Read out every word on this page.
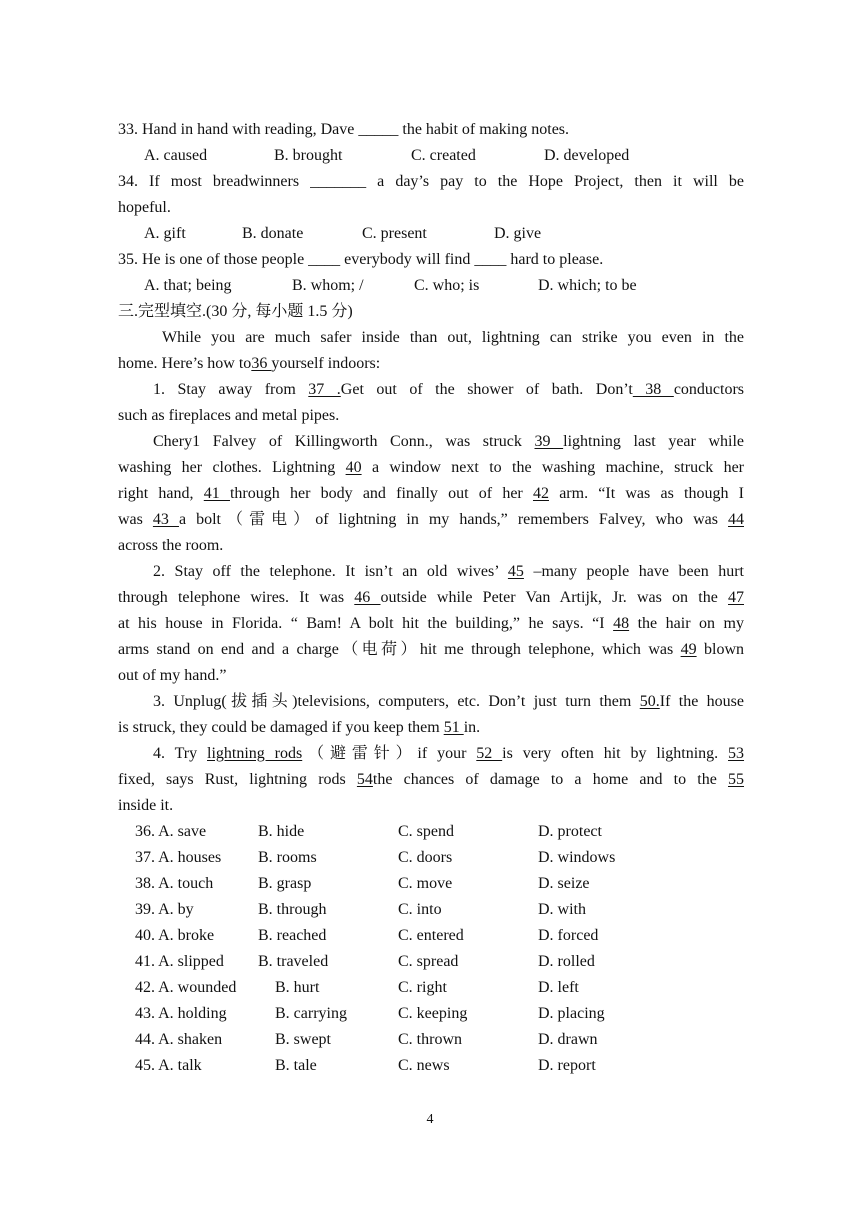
33. Hand in hand with reading, Dave _____ the habit of making notes.
A. caused	B. brought	C. created	D. developed
34. If most breadwinners _______ a day’s pay to the Hope Project, then it will be
hopeful.
A. gift	B. donate	C. present	D. give
35. He is one of those people ____ everybody will find ____ hard to please.
A. that; being	B. whom; /	C. who; is	D. which; to be
三.完型填空.(30 分, 每小题 1.5 分)
While you are much safer inside than out, lightning can strike you even in the
home. Here’s how to36 yourself indoors:
1. Stay away from 37 .Get out of the shower of bath. Don’t 38 conductors
such as fireplaces and metal pipes.
Chery1 Falvey of Killingworth Conn., was struck 39 lightning last year while
washing her clothes. Lightning 40 a window next to the washing machine, struck her
right hand, 41 through her body and finally out of her 42 arm. “It was as though I
was 43 a bolt（雷电）of lightning in my hands,” remembers Falvey, who was 44
across the room.
2. Stay off the telephone. It isn’t an old wives’ 45 –many people have been hurt
through telephone wires. It was 46 outside while Peter Van Artijk, Jr. was on the 47
at his house in Florida. “ Bam! A bolt hit the building,” he says. “I 48 the hair on my
arms stand on end and a charge（电荷）hit me through telephone, which was 49 blown
out of my hand.”
3. Unplug(拔插头)televisions, computers, etc. Don’t just turn them 50.If the house
is struck, they could be damaged if you keep them 51 in.
4. Try lightning rods（避雷针）if your 52 is very often hit by lightning. 53
fixed, says Rust, lightning rods 54the chances of damage to a home and to the 55
inside it.
36. A. save	B. hide	C. spend	D. protect
37. A. houses B. rooms	C. doors	D. windows
38. A. touch	B. grasp	C. move	D. seize
39. A. by	B. through	C. into	D. with
40. A. broke	B. reached	C. entered	D. forced
41. A. slipped B. traveled	C. spread	D. rolled
42. A. wounded B. hurt	C. right	D. left
43. A. holding	B. carrying	C. keeping	D. placing
44. A. shaken	B. swept	C. thrown	D. drawn
45. A. talk	B. tale	C. news	D. report
4
